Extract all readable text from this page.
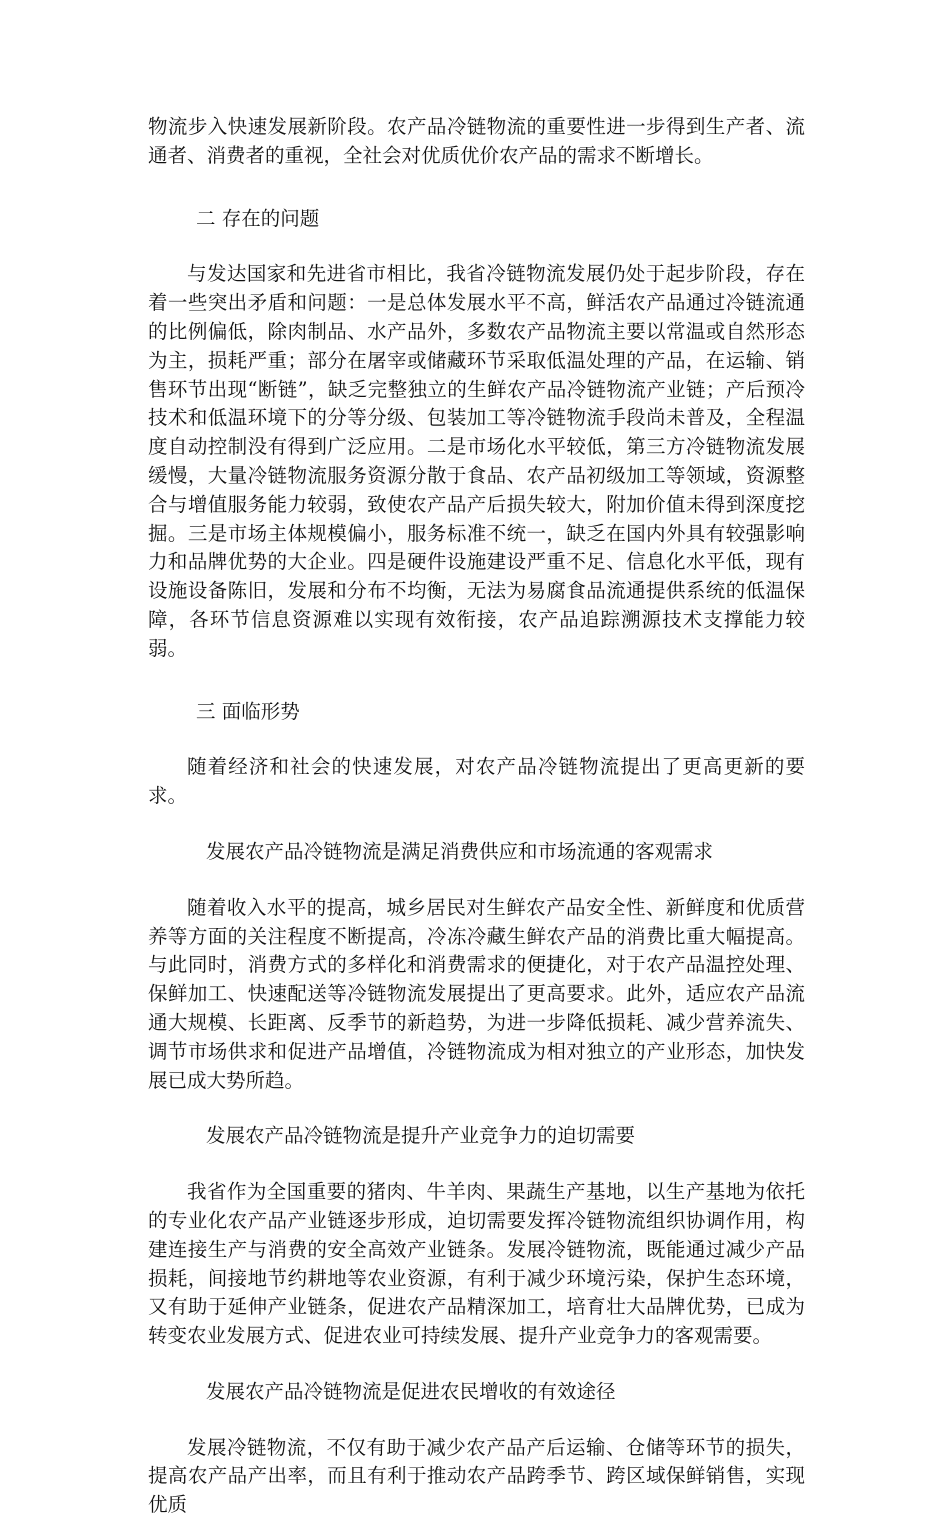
物流步入快速发展新阶段。农产品冷链物流的重要性进一步得到生产者、流通者、消费者的重视，全社会对优质优价农产品的需求不断增长。

二 存在的问题

与发达国家和先进省市相比，我省冷链物流发展仍处于起步阶段，存在着一些突出矛盾和问题：一是总体发展水平不高，鲜活农产品通过冷链流通的比例偏低，除肉制品、水产品外，多数农产品物流主要以常温或自然形态为主，损耗严重；部分在屠宰或储藏环节采取低温处理的产品，在运输、销售环节出现“断链”，缺乏完整独立的生鲜农产品冷链物流产业链；产后预冷技术和低温环境下的分等分级、包装加工等冷链物流手段尚未普及，全程温度自动控制没有得到广泛应用。二是市场化水平较低，第三方冷链物流发展缓慢，大量冷链物流服务资源分散于食品、农产品初级加工等领域，资源整合与增值服务能力较弱，致使农产品产后损失较大，附加价值未得到深度挖掘。三是市场主体规模偏小，服务标准不统一，缺乏在国内外具有较强影响力和品牌优势的大企业。四是硬件设施建设严重不足、信息化水平低，现有设施设备陈旧，发展和分布不均衡，无法为易腐食品流通提供系统的低温保障，各环节信息资源难以实现有效衔接，农产品追踪溯源技术支撑能力较弱。

三 面临形势

随着经济和社会的快速发展，对农产品冷链物流提出了更高更新的要求。

发展农产品冷链物流是满足消费供应和市场流通的客观需求

随着收入水平的提高，城乡居民对生鲜农产品安全性、新鲜度和优质营养等方面的关注程度不断提高，冷冻冷藏生鲜农产品的消费比重大幅提高。与此同时，消费方式的多样化和消费需求的便捷化，对于农产品温控处理、保鲜加工、快速配送等冷链物流发展提出了更高要求。此外，适应农产品流通大规模、长距离、反季节的新趋势，为进一步降低损耗、减少营养流失、调节市场供求和促进产品增值，冷链物流成为相对独立的产业形态，加快发展已成大势所趋。

发展农产品冷链物流是提升产业竞争力的迫切需要

我省作为全国重要的猪肉、牛羊肉、果蔬生产基地，以生产基地为依托的专业化农产品产业链逐步形成，迫切需要发挥冷链物流组织协调作用，构建连接生产与消费的安全高效产业链条。发展冷链物流，既能通过减少产品损耗，间接地节约耕地等农业资源，有利于减少环境污染，保护生态环境，又有助于延伸产业链条，促进农产品精深加工，培育壮大品牌优势，已成为转变农业发展方式、促进农业可持续发展、提升产业竞争力的客观需要。

发展农产品冷链物流是促进农民增收的有效途径

发展冷链物流，不仅有助于减少农产品产后运输、仓储等环节的损失，提高农产品产出率，而且有利于推动农产品跨季节、跨区域保鲜销售，实现优质
